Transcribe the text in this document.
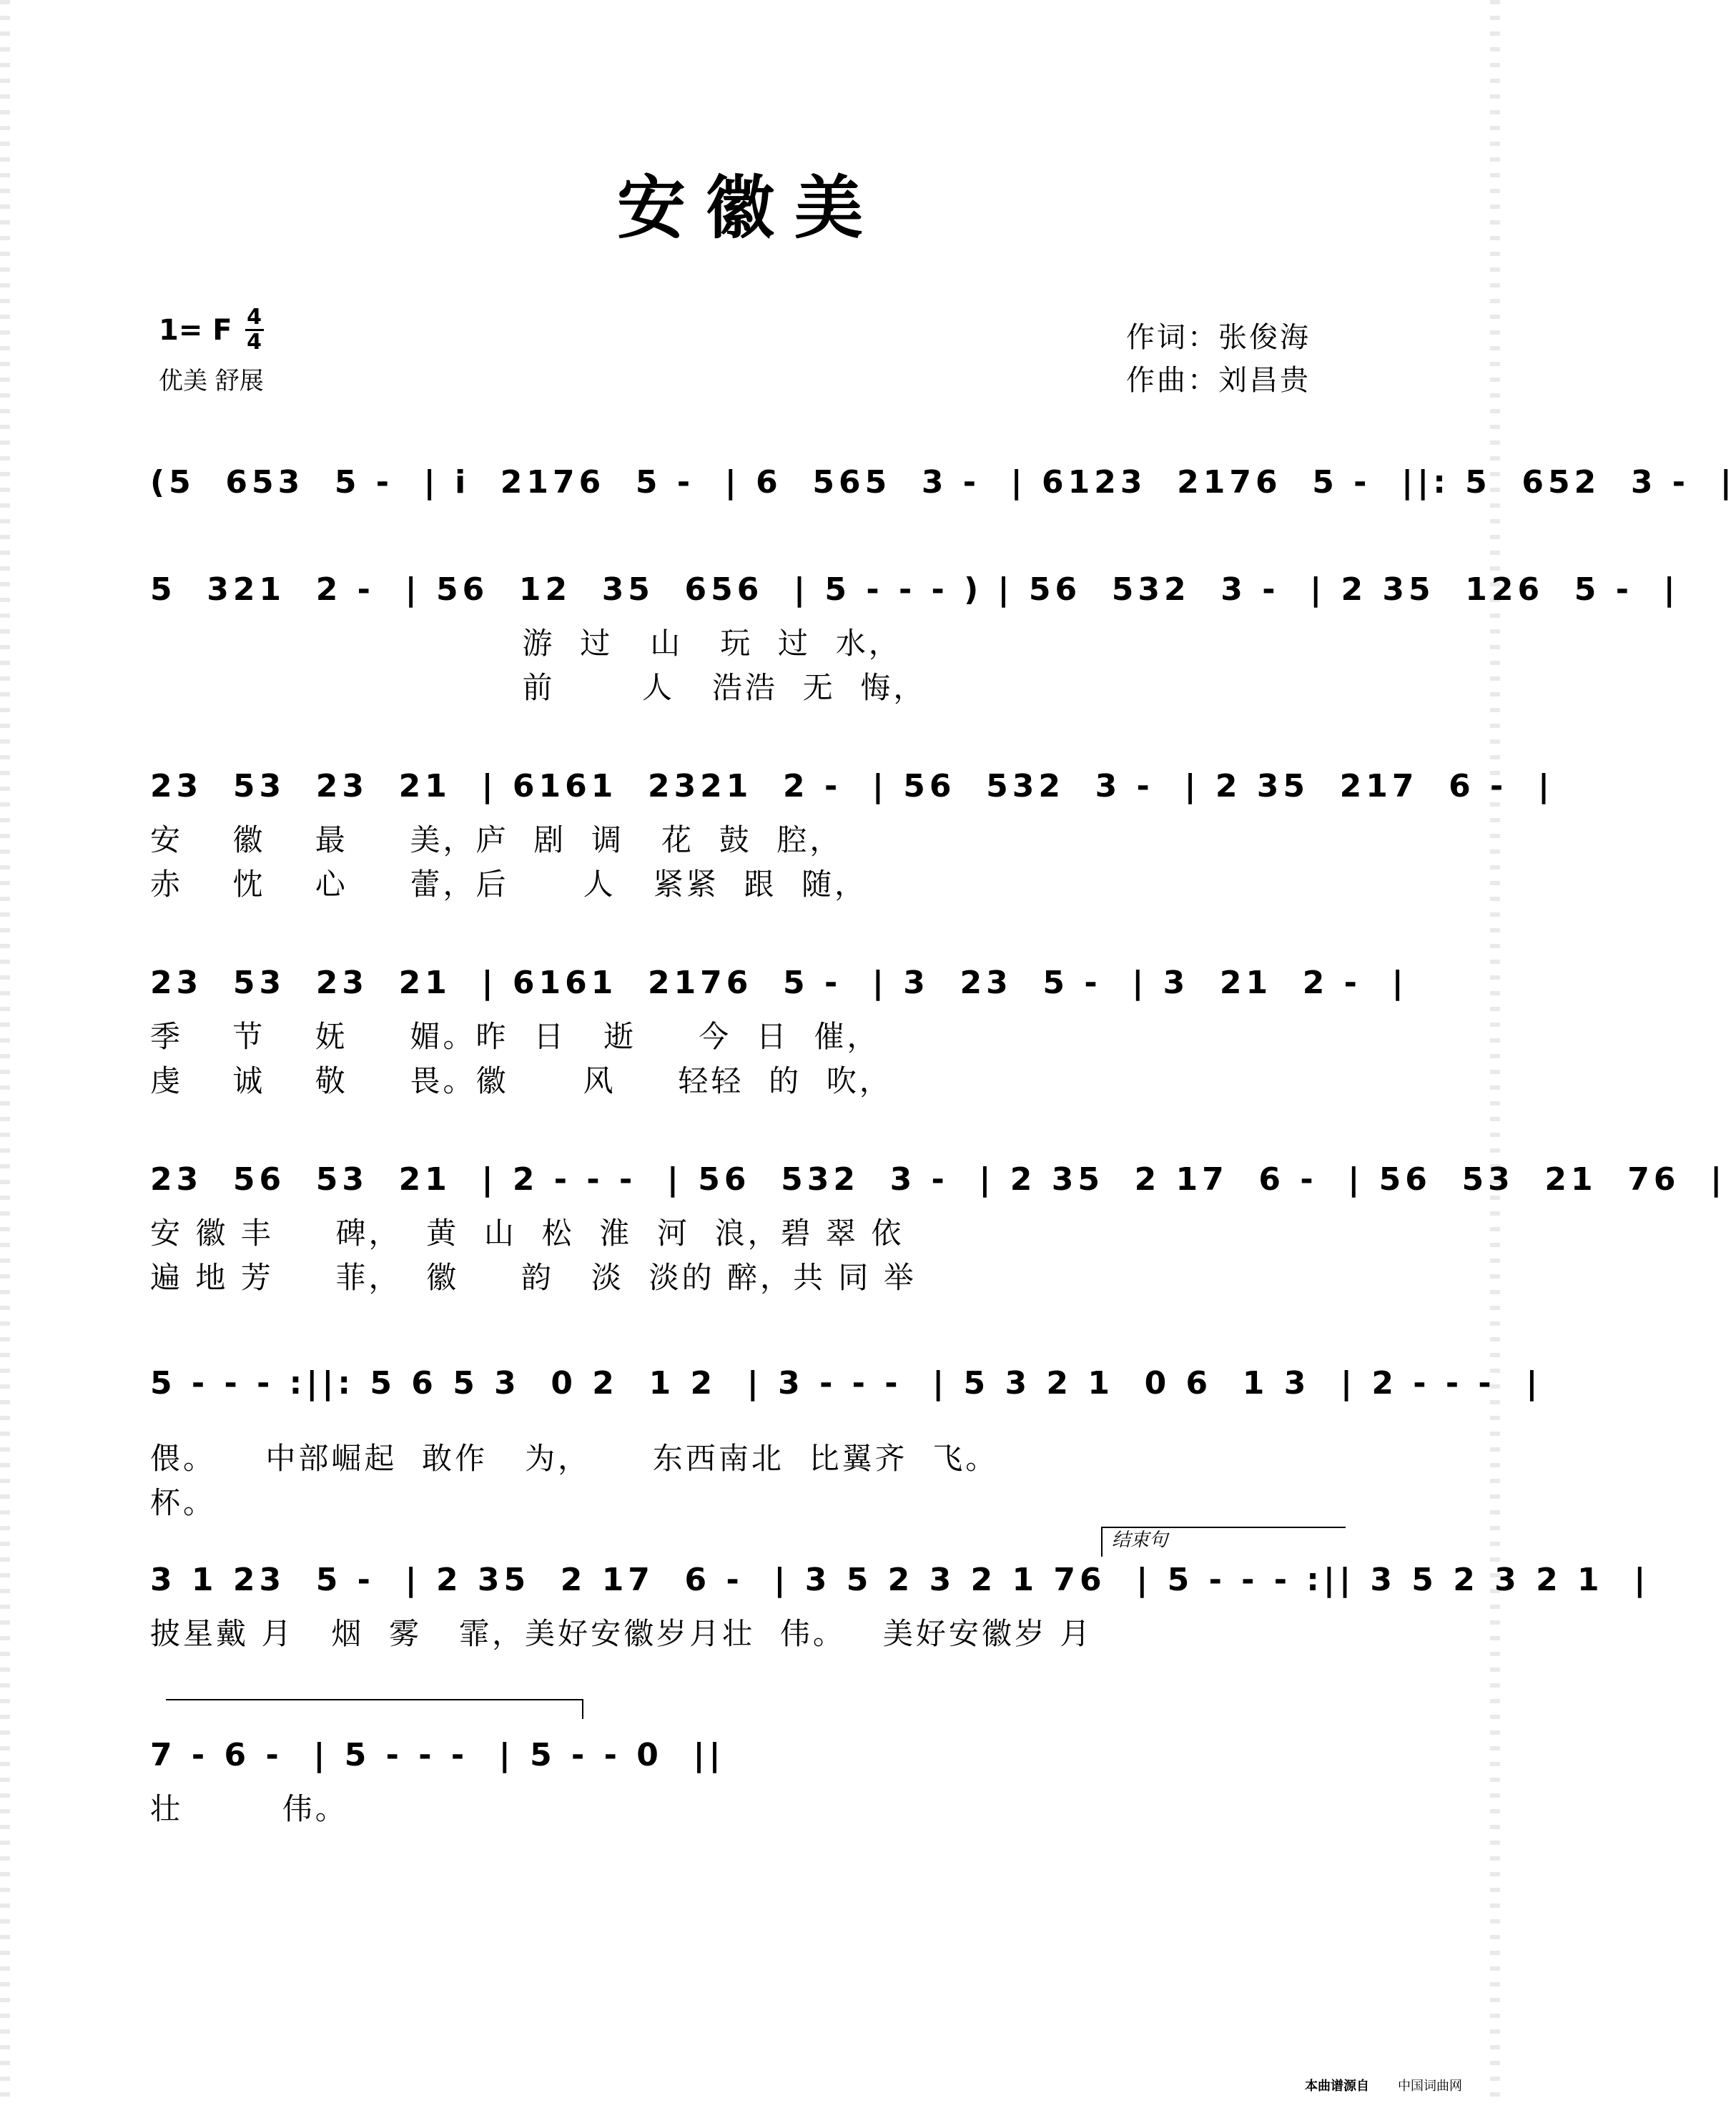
安徽美
1= F $\frac{4}{4}$
优美 舒展
作词：张俊海
作曲：刘昌贵
(5  653  5 -  | i  2176  5 -  | 6  565  3 -  | 6123  2176  5 -  ||: 5  652  3 -  |
5  321  2 -  | 56  12  35  656  | 5 - - - ) | 56  532  3 -  | 2 35  126  5 -  |
游  过   山   玩  过  水，
前       人   浩浩  无  悔，
23  53  23  21  | 6161  2321  2 -  | 56  532  3 -  | 2 35  217  6 -  |
安    徽    最     美，庐  剧  调   花  鼓  腔，
赤    忱    心     蕾，后      人   紧紧  跟  随，
23  53  23  21  | 6161  2176  5 -  | 3  23  5 -  | 3  21  2 -  |
季    节    妩     媚。昨  日   逝     今  日  催，
虔    诚    敬     畏。徽      风     轻轻  的  吹，
23  56  53  21  | 2 - - -  | 56  532  3 -  | 2 35  2 17  6 -  | 56  53  21  76  |
安 徽 丰     碑，  黄  山  松  淮  河  浪，碧 翠 依
遍 地 芳     菲，  徽     韵   淡  淡的 醉，共 同 举
5 - - - :||: 5 6 5 3  0 2  1 2  | 3 - - -  | 5 3 2 1  0 6  1 3  | 2 - - -  |
偎。    中部崛起  敢作   为，     东西南北  比翼齐  飞。
杯。
3 1 23  5 -  | 2 35  2 17  6 -  | 3 5 2 3 2 1 76  | 5 - - - :|| 3 5 2 3 2 1  |
披星戴 月   烟  雾   霏，美好安徽岁月壮  伟。   美好安徽岁 月
7 - 6 -  | 5 - - -  | 5 - - 0  ||
壮        伟。
结束句
本曲谱源自 中国词曲网
